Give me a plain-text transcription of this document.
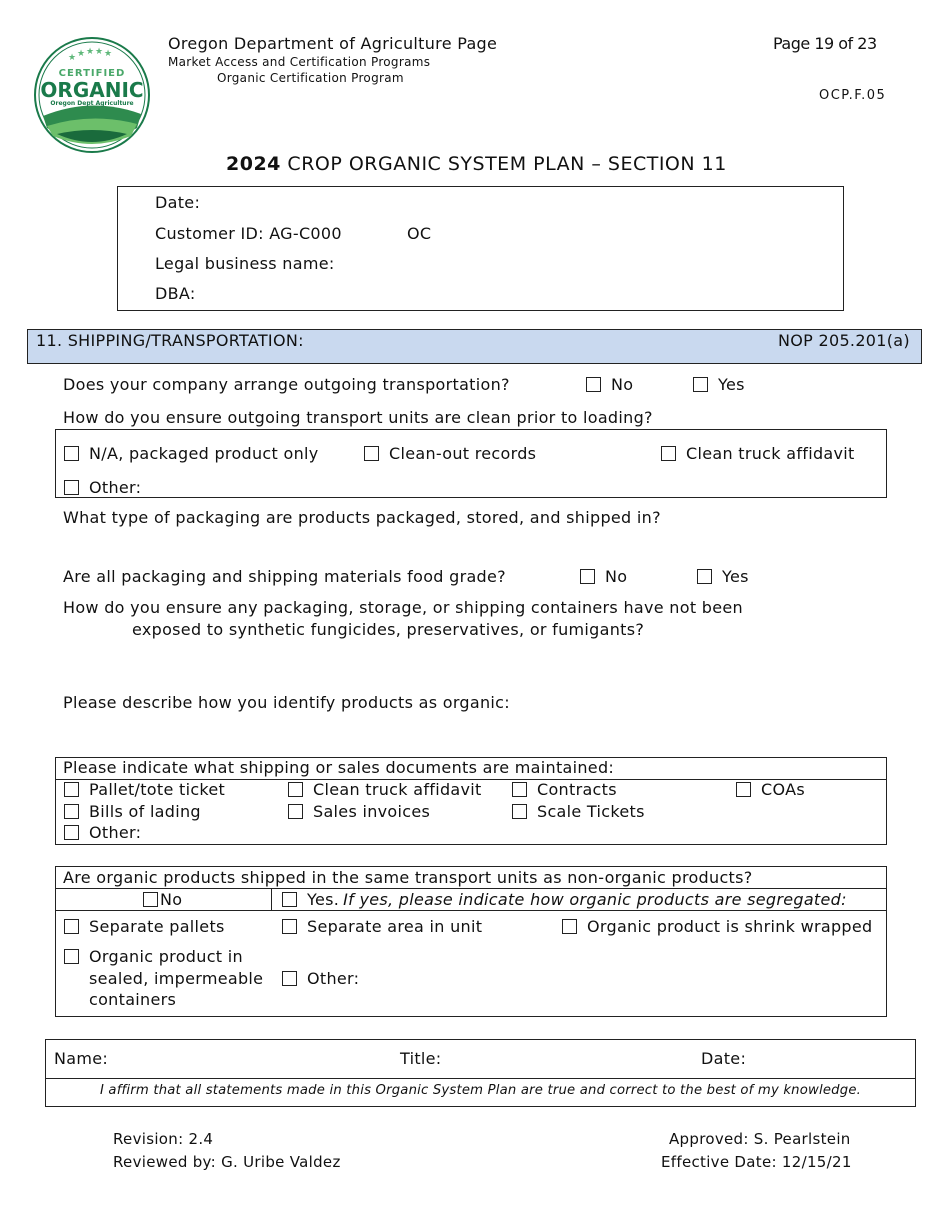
★ ★ ★ ★
★
CERTIFIED
ORGANIC
Oregon Dept Agriculture
Oregon Department of Agriculture Page
Market Access and Certification Programs
Organic Certification Program
Page 19 of 23
OCP.F.05
2024 CROP ORGANIC SYSTEM PLAN – SECTION 11
Date:
Customer ID: AG-C000	OC
Legal business name:
DBA:
11. SHIPPING/TRANSPORTATION:	NOP 205.201(a)
Does your company arrange outgoing transportation?	No	Yes
How do you ensure outgoing transport units are clean prior to loading?
N/A, packaged product only	Clean-out records	Clean truck affidavit
Other:
What type of packaging are products packaged, stored, and shipped in?
Are all packaging and shipping materials food grade?	No	Yes
How do you ensure any packaging, storage, or shipping containers have not been
exposed to synthetic fungicides, preservatives, or fumigants?
Please describe how you identify products as organic:
Please indicate what shipping or sales documents are maintained:
Pallet/tote ticket	Clean truck affidavit	Contracts	COAs
Bills of lading	Sales invoices	Scale Tickets
Other:
Are organic products shipped in the same transport units as non-organic products?
No	Yes. If yes, please indicate how organic products are segregated:
Separate pallets	Separate area in unit	Organic product is shrink wrapped
Organic product in
sealed, impermeable
containers
Other:
Name:	Title:	Date:
I affirm that all statements made in this Organic System Plan are true and correct to the best of my knowledge.
Revision: 2.4
Reviewed by: G. Uribe Valdez
Approved: S. Pearlstein
Effective Date: 12/15/21
